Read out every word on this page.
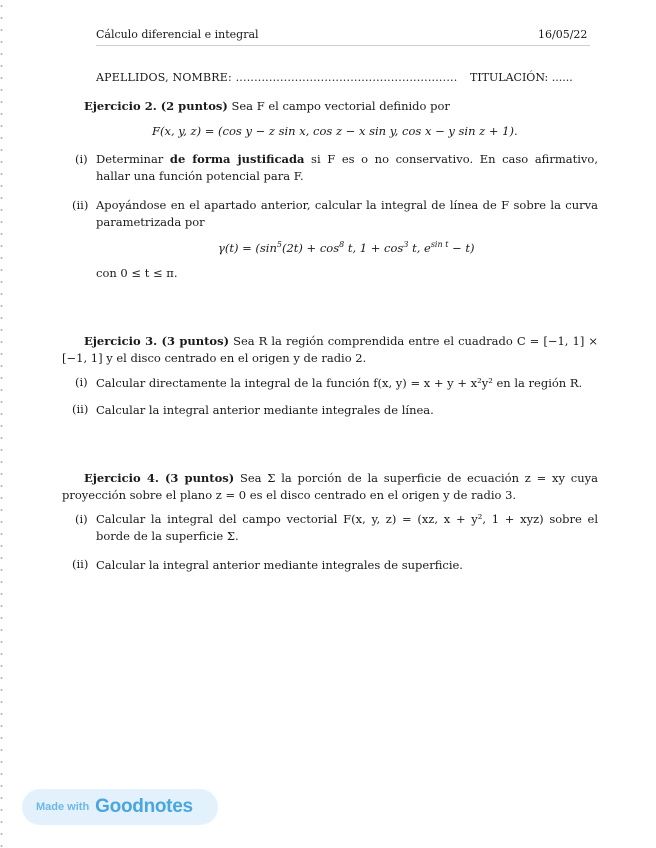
Cálculo diferencial e integral	16/05/22
APELLIDOS, NOMBRE: ............................................................ TITULACIÓN: ......
Ejercicio 2. (2 puntos) Sea F el campo vectorial definido por
F(x, y, z) = (cos y − z sin x, cos z − x sin y, cos x − y sin z + 1).
(i) Determinar de forma justificada si F es o no conservativo. En caso afirmativo, hallar una función potencial para F.
(ii) Apoyándose en el apartado anterior, calcular la integral de línea de F sobre la curva parametrizada por
$\gamma(t) = (\sin^5(2t) + \cos^8 t$, $1 + \cos^3 t$, $e^{sin t} - t$)
con 0 ≤ t ≤ π.
Ejercicio 3. (3 puntos) Sea R la región comprendida entre el cuadrado C = [−1, 1] × [−1, 1] y el disco centrado en el origen y de radio 2.
(i) Calcular directamente la integral de la función f(x, y) = x + y + x²y² en la región R.
(ii) Calcular la integral anterior mediante integrales de línea.
Ejercicio 4. (3 puntos) Sea Σ la porción de la superficie de ecuación z = xy cuya proyección sobre el plano z = 0 es el disco centrado en el origen y de radio 3.
(i) Calcular la integral del campo vectorial F(x, y, z) = (xz, x + y², 1 + xyz) sobre el borde de la superficie Σ.
(ii) Calcular la integral anterior mediante integrales de superficie.
Made with Goodnotes
